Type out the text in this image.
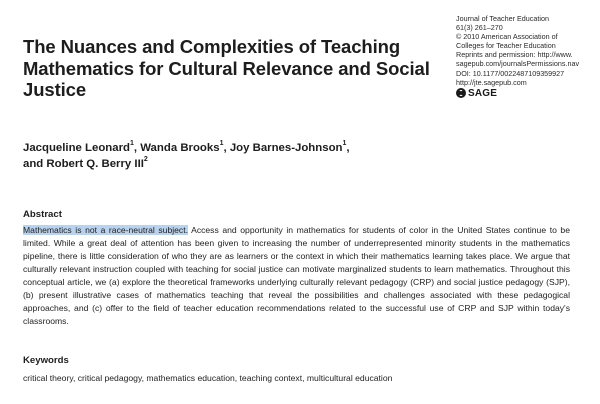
The Nuances and Complexities of Teaching Mathematics for Cultural Relevance and Social Justice
Journal of Teacher Education
61(3) 261–270
© 2010 American Association of
Colleges for Teacher Education
Reprints and permission: http://www.
sagepub.com/journalsPermissions.nav
DOI: 10.1177/0022487109359927
http://jte.sagepub.com
SAGE
Jacqueline Leonard$^1$, Wanda Brooks$^1$, Joy Barnes-Johnson$^1$,
and Robert Q. Berry III$^2$
Abstract

Mathematics is not a race-neutral subject. Access and opportunity in mathematics for students of color in the United States continue to be limited. While a great deal of attention has been given to increasing the number of underrepresented minority students in the mathematics pipeline, there is little consideration of who they are as learners or the context in which their mathematics learning takes place. We argue that culturally relevant instruction coupled with teaching for social justice can motivate marginalized students to learn mathematics. Throughout this conceptual article, we (a) explore the theoretical frameworks underlying culturally relevant pedagogy (CRP) and social justice pedagogy (SJP), (b) present illustrative cases of mathematics teaching that reveal the possibilities and challenges associated with these pedagogical approaches, and (c) offer to the field of teacher education recommendations related to the successful use of CRP and SJP within today's classrooms.

Keywords

critical theory, critical pedagogy, mathematics education, teaching context, multicultural education
